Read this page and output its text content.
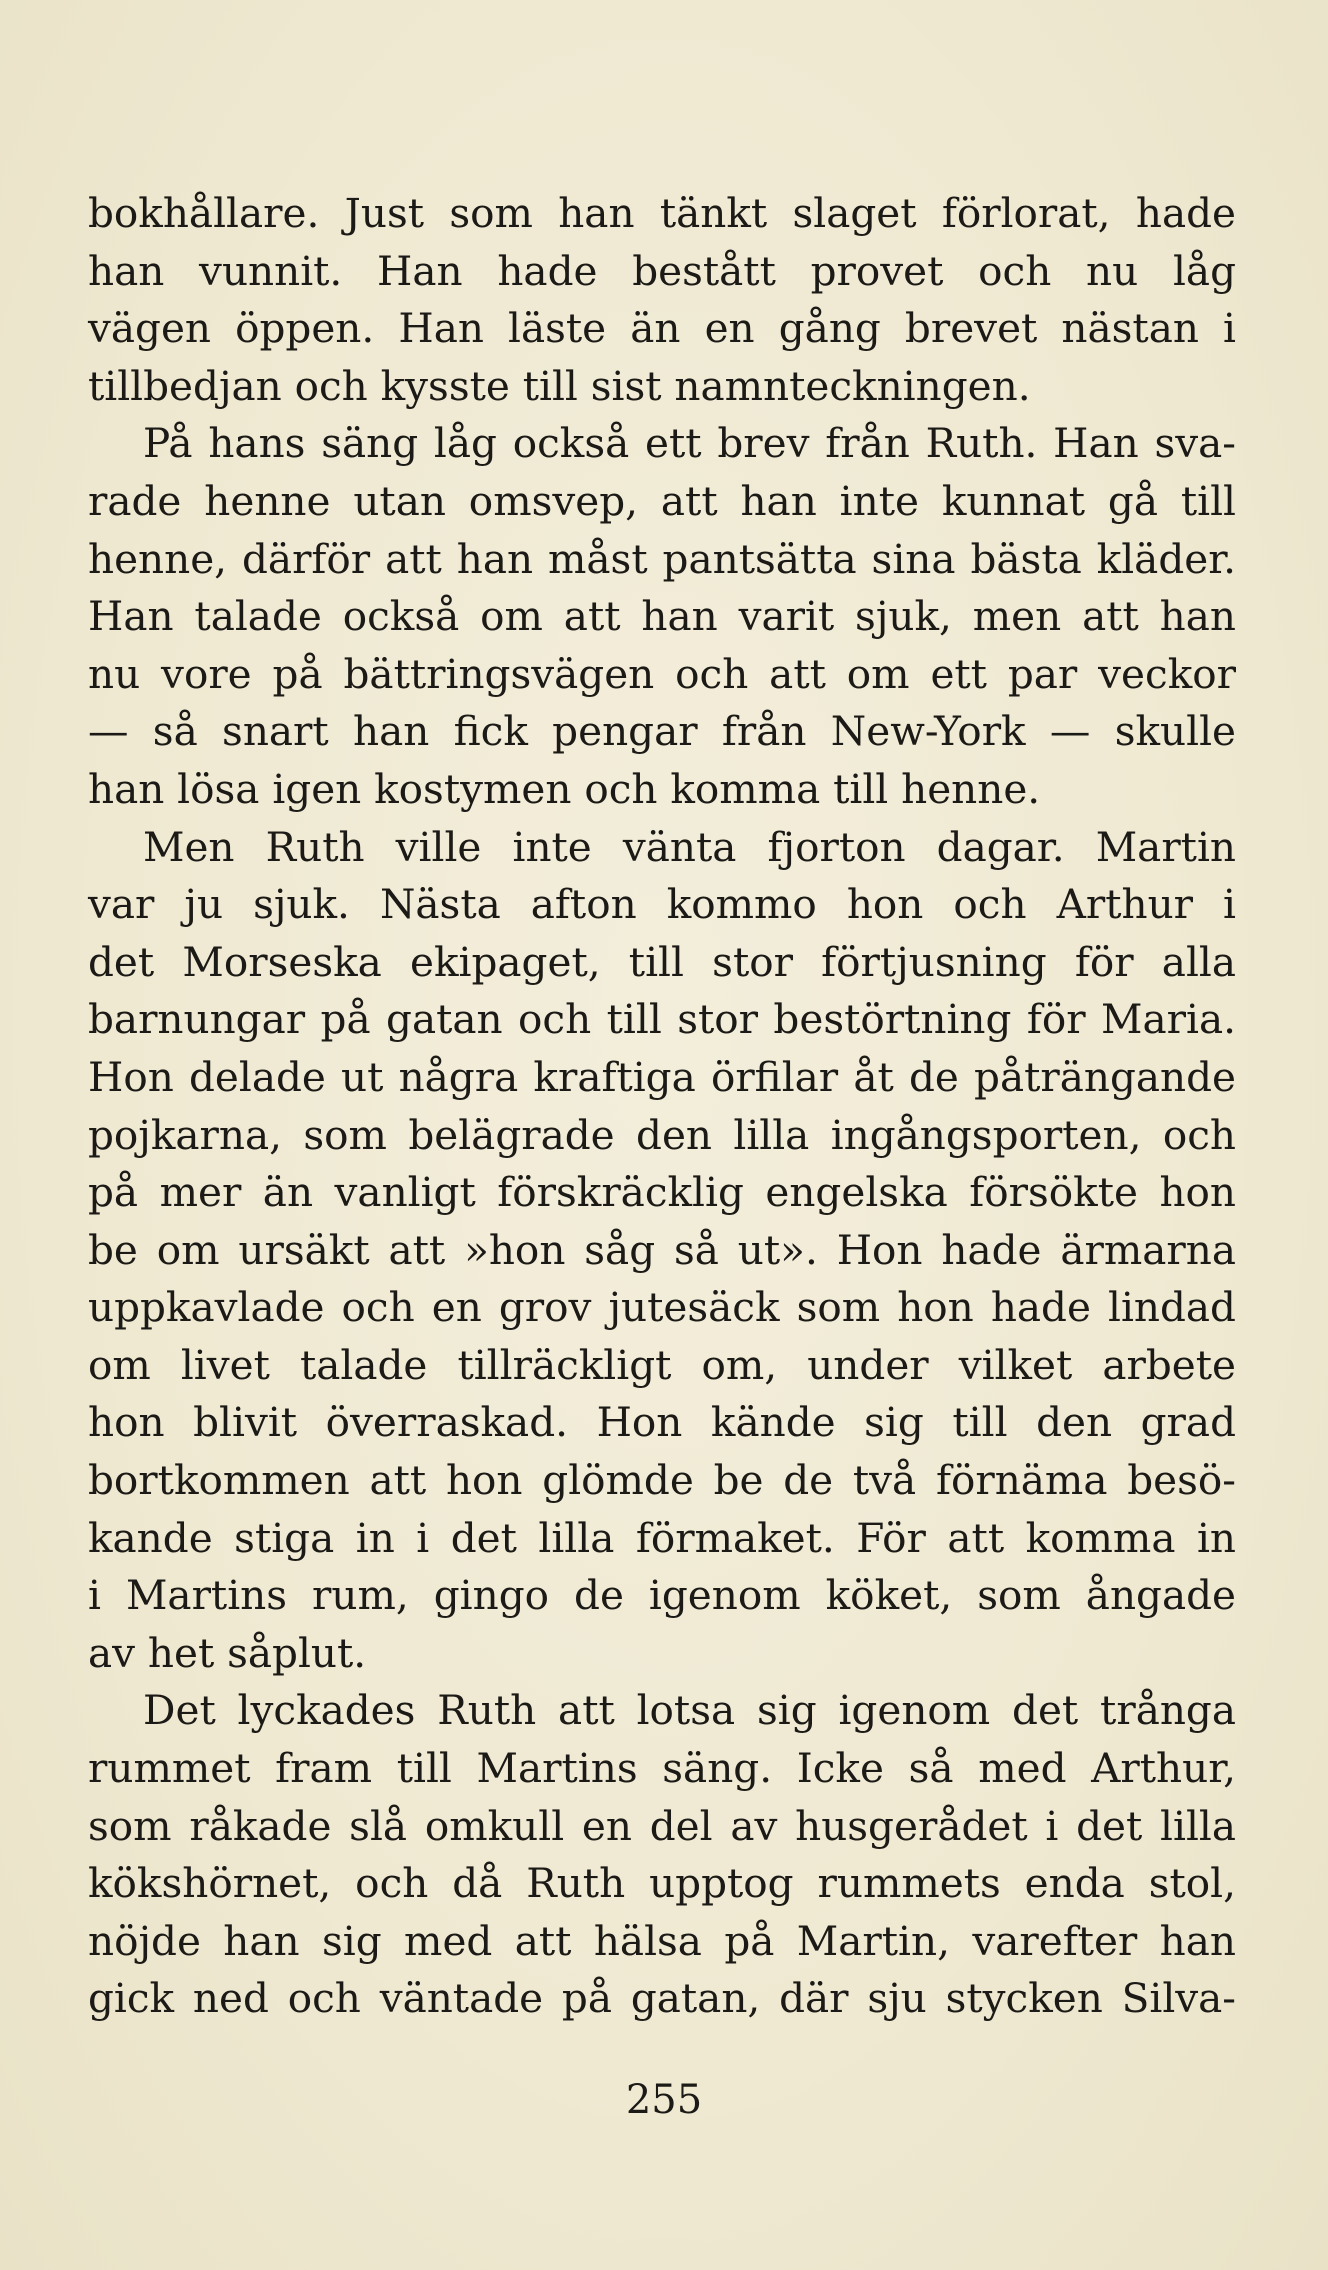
bokhållare. Just som han tänkt slaget förlorat, hade
han vunnit. Han hade bestått provet och nu låg
vägen öppen. Han läste än en gång brevet nästan i
tillbedjan och kysste till sist namnteckningen.

På hans säng låg också ett brev från Ruth. Han sva-
rade henne utan omsvep, att han inte kunnat gå till
henne, därför att han måst pantsätta sina bästa kläder.
Han talade också om att han varit sjuk, men att han
nu vore på bättringsvägen och att om ett par veckor
— så snart han fick pengar från New-York — skulle
han lösa igen kostymen och komma till henne.

Men Ruth ville inte vänta fjorton dagar. Martin
var ju sjuk. Nästa afton kommo hon och Arthur i
det Morseska ekipaget, till stor förtjusning för alla
barnungar på gatan och till stor bestörtning för Maria.
Hon delade ut några kraftiga örfilar åt de påträngande
pojkarna, som belägrade den lilla ingångsporten, och
på mer än vanligt förskräcklig engelska försökte hon
be om ursäkt att »hon såg så ut». Hon hade ärmarna
uppkavlade och en grov jutesäck som hon hade lindad
om livet talade tillräckligt om, under vilket arbete
hon blivit överraskad. Hon kände sig till den grad
bortkommen att hon glömde be de två förnäma besö-
kande stiga in i det lilla förmaket. För att komma in
i Martins rum, gingo de igenom köket, som ångade
av het såplut.

Det lyckades Ruth att lotsa sig igenom det trånga
rummet fram till Martins säng. Icke så med Arthur,
som råkade slå omkull en del av husgerådet i det lilla
kökshörnet, och då Ruth upptog rummets enda stol,
nöjde han sig med att hälsa på Martin, varefter han
gick ned och väntade på gatan, där sju stycken Silva-

255
